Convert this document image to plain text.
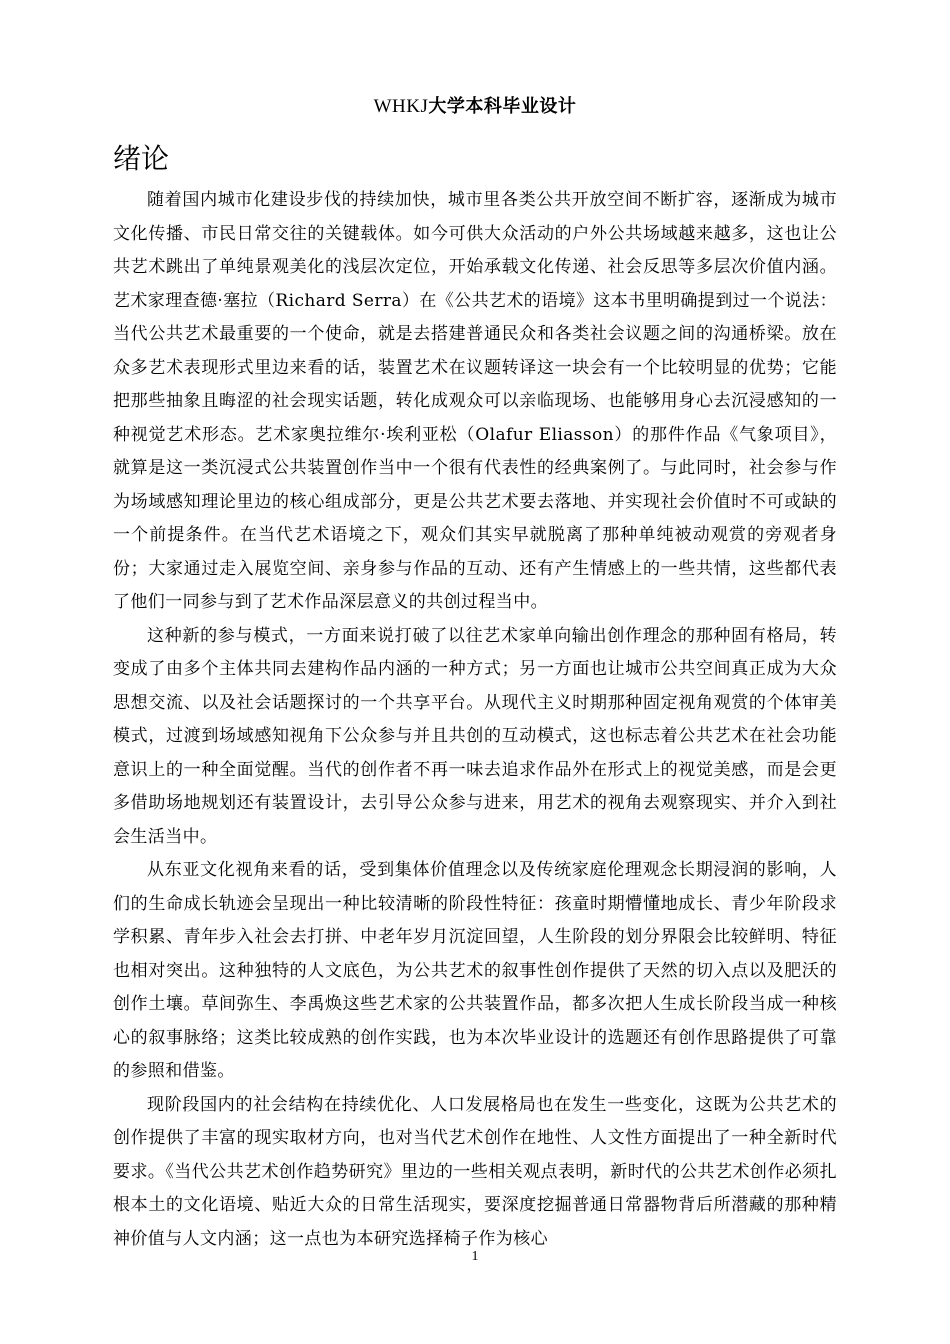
WHKJ大学本科毕业设计
绪论

随着国内城市化建设步伐的持续加快，城市里各类公共开放空间不断扩容，逐渐成为城市文化传播、市民日常交往的关键载体。如今可供大众活动的户外公共场域越来越多，这也让公共艺术跳出了单纯景观美化的浅层次定位，开始承载文化传递、社会反思等多层次价值内涵。艺术家理查德·塞拉（Richard Serra）在《公共艺术的语境》这本书里明确提到过一个说法：当代公共艺术最重要的一个使命，就是去搭建普通民众和各类社会议题之间的沟通桥梁。放在众多艺术表现形式里边来看的话，装置艺术在议题转译这一块会有一个比较明显的优势；它能把那些抽象且晦涩的社会现实话题，转化成观众可以亲临现场、也能够用身心去沉浸感知的一种视觉艺术形态。艺术家奥拉维尔·埃利亚松（Olafur Eliasson）的那件作品《气象项目》，就算是这一类沉浸式公共装置创作当中一个很有代表性的经典案例了。与此同时，社会参与作为场域感知理论里边的核心组成部分，更是公共艺术要去落地、并实现社会价值时不可或缺的一个前提条件。在当代艺术语境之下，观众们其实早就脱离了那种单纯被动观赏的旁观者身份；大家通过走入展览空间、亲身参与作品的互动、还有产生情感上的一些共情，这些都代表了他们一同参与到了艺术作品深层意义的共创过程当中。

这种新的参与模式，一方面来说打破了以往艺术家单向输出创作理念的那种固有格局，转变成了由多个主体共同去建构作品内涵的一种方式；另一方面也让城市公共空间真正成为大众思想交流、以及社会话题探讨的一个共享平台。从现代主义时期那种固定视角观赏的个体审美模式，过渡到场域感知视角下公众参与并且共创的互动模式，这也标志着公共艺术在社会功能意识上的一种全面觉醒。当代的创作者不再一味去追求作品外在形式上的视觉美感，而是会更多借助场地规划还有装置设计，去引导公众参与进来，用艺术的视角去观察现实、并介入到社会生活当中。

从东亚文化视角来看的话，受到集体价值理念以及传统家庭伦理观念长期浸润的影响，人们的生命成长轨迹会呈现出一种比较清晰的阶段性特征：孩童时期懵懂地成长、青少年阶段求学积累、青年步入社会去打拼、中老年岁月沉淀回望，人生阶段的划分界限会比较鲜明、特征也相对突出。这种独特的人文底色，为公共艺术的叙事性创作提供了天然的切入点以及肥沃的创作土壤。草间弥生、李禹焕这些艺术家的公共装置作品，都多次把人生成长阶段当成一种核心的叙事脉络；这类比较成熟的创作实践，也为本次毕业设计的选题还有创作思路提供了可靠的参照和借鉴。

现阶段国内的社会结构在持续优化、人口发展格局也在发生一些变化，这既为公共艺术的创作提供了丰富的现实取材方向，也对当代艺术创作在地性、人文性方面提出了一种全新时代要求。《当代公共艺术创作趋势研究》里边的一些相关观点表明，新时代的公共艺术创作必须扎根本土的文化语境、贴近大众的日常生活现实，要深度挖掘普通日常器物背后所潜藏的那种精神价值与人文内涵；这一点也为本研究选择椅子作为核心

1
